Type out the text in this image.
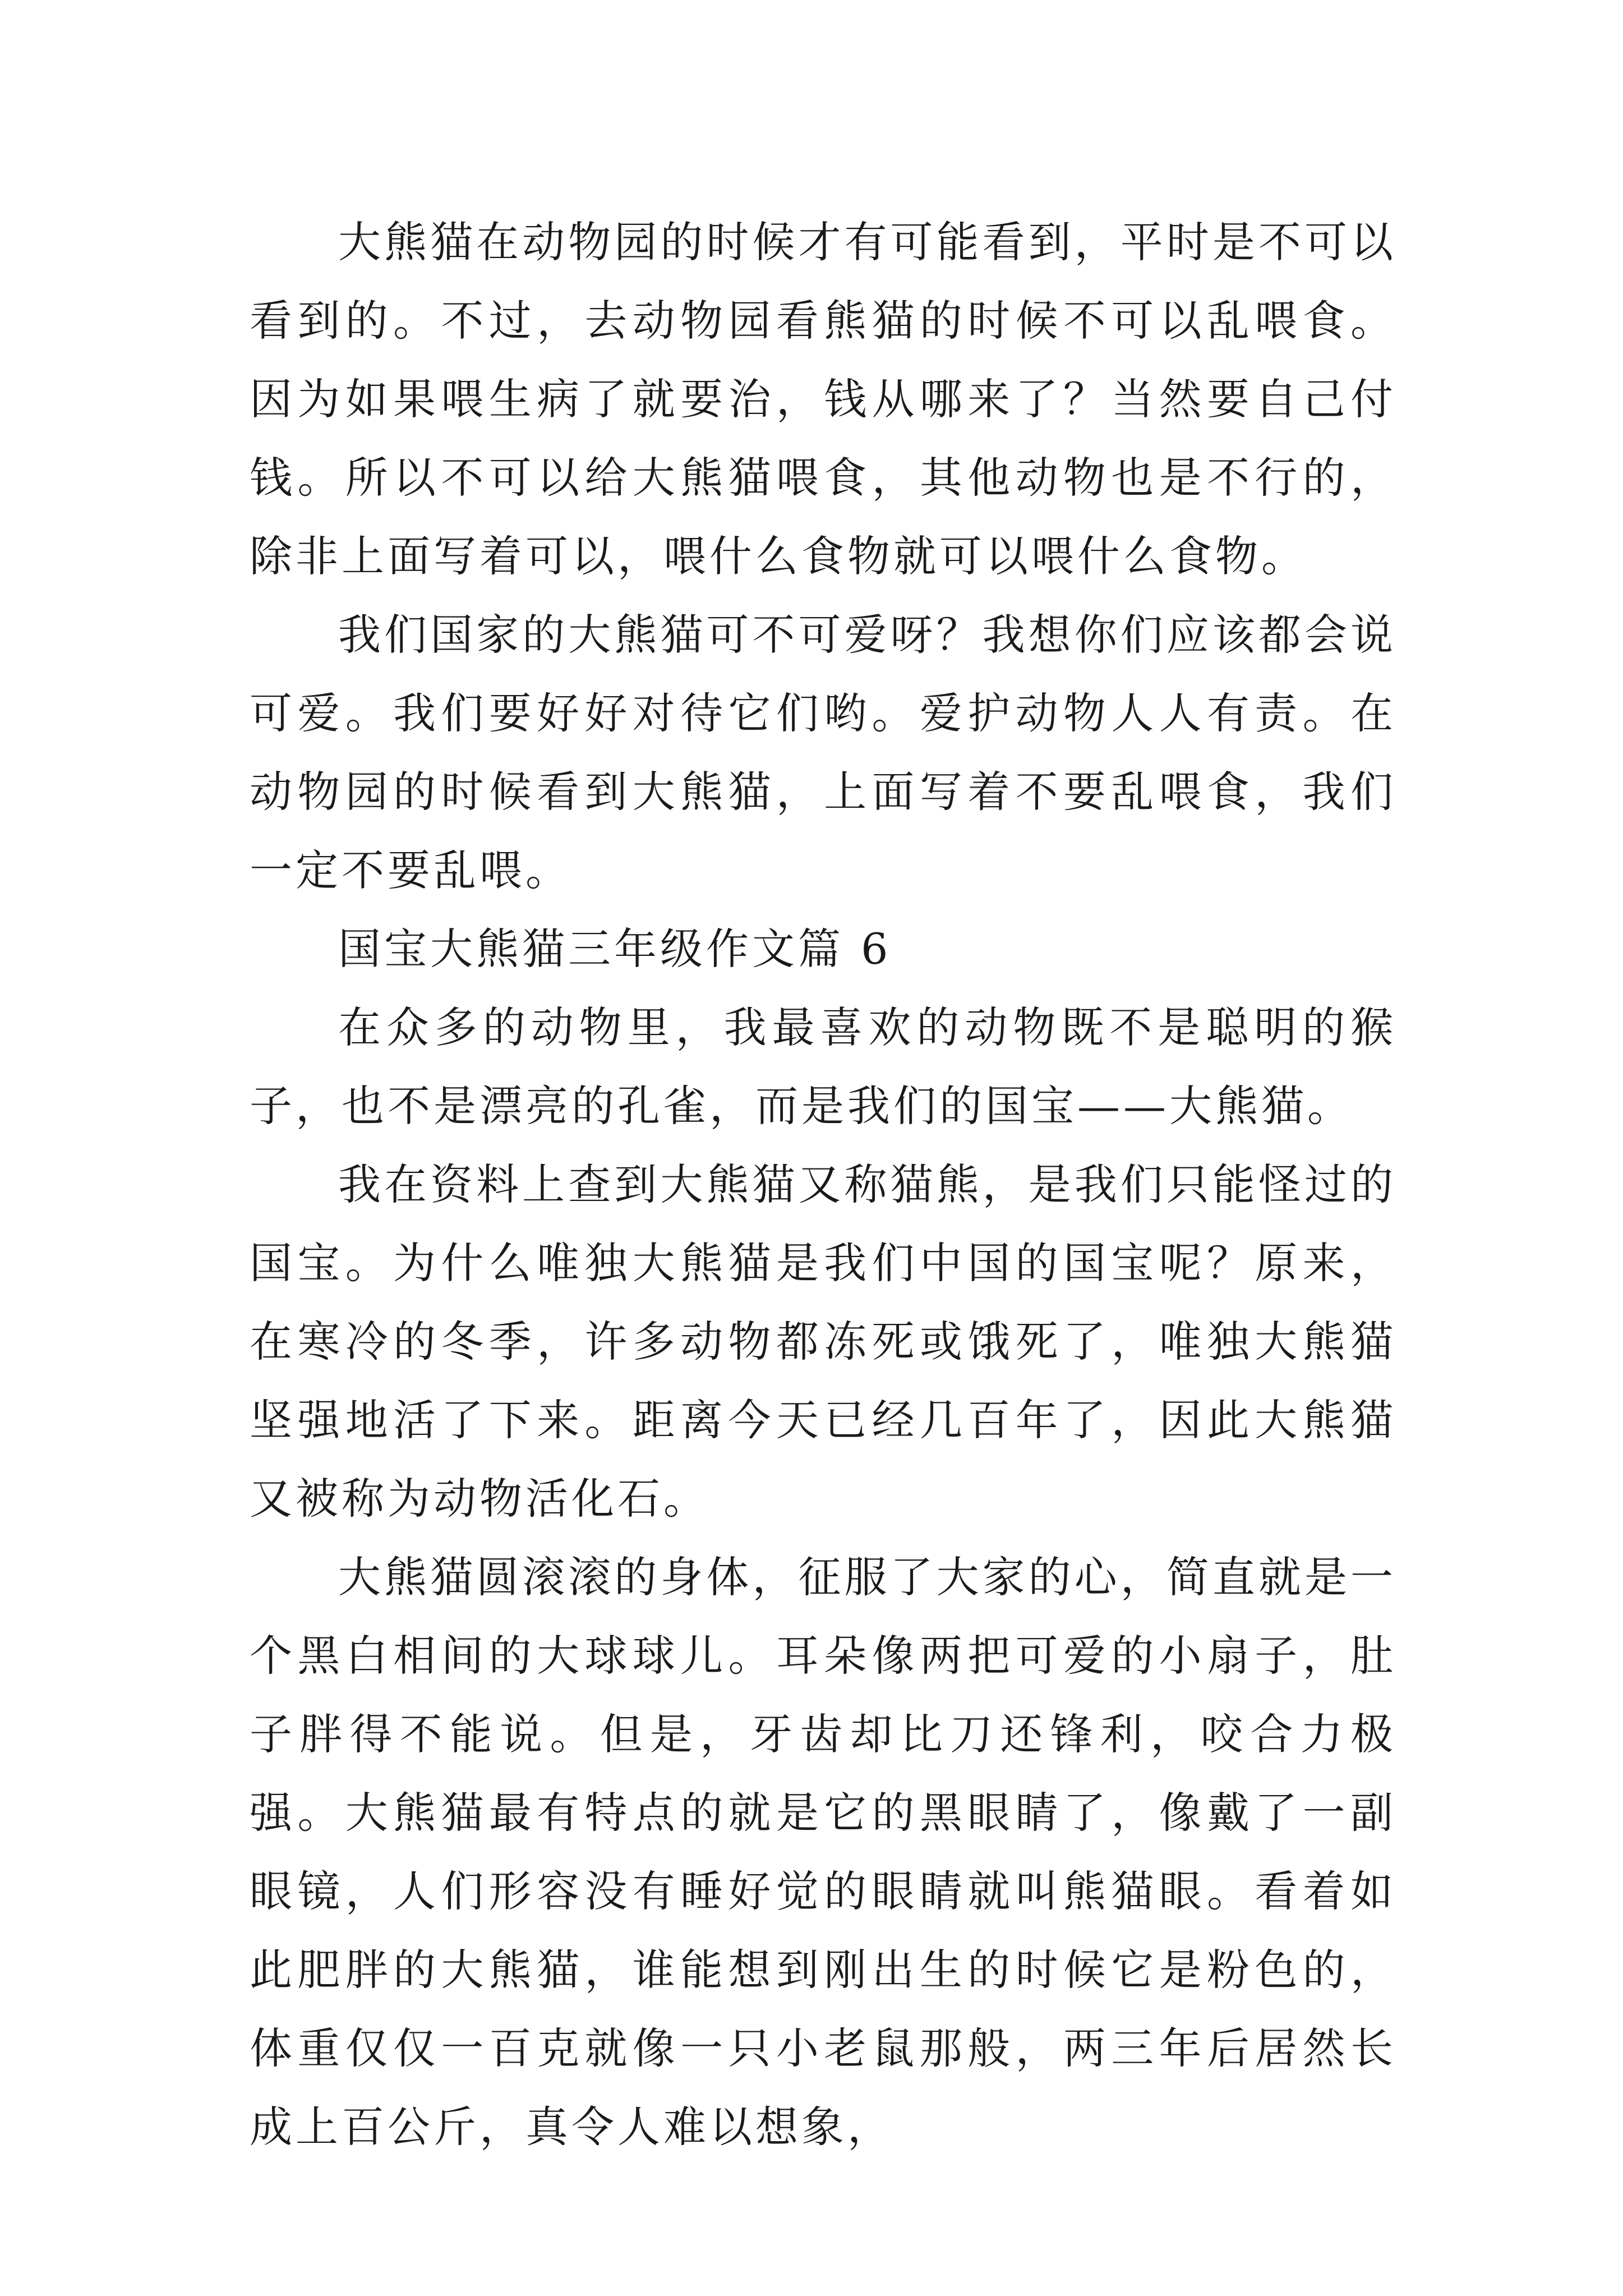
大熊猫在动物园的时候才有可能看到，平时是不可以看到的。不过，去动物园看熊猫的时候不可以乱喂食。因为如果喂生病了就要治，钱从哪来了？当然要自己付钱。所以不可以给大熊猫喂食，其他动物也是不行的，除非上面写着可以，喂什么食物就可以喂什么食物。

我们国家的大熊猫可不可爱呀？我想你们应该都会说可爱。我们要好好对待它们哟。爱护动物人人有责。在动物园的时候看到大熊猫，上面写着不要乱喂食，我们一定不要乱喂。

国宝大熊猫三年级作文篇 6

在众多的动物里，我最喜欢的动物既不是聪明的猴子，也不是漂亮的孔雀，而是我们的国宝——大熊猫。

我在资料上查到大熊猫又称猫熊，是我们只能怪过的国宝。为什么唯独大熊猫是我们中国的国宝呢？原来，在寒冷的冬季，许多动物都冻死或饿死了，唯独大熊猫坚强地活了下来。距离今天已经几百年了，因此大熊猫又被称为动物活化石。

大熊猫圆滚滚的身体，征服了大家的心，简直就是一个黑白相间的大球球儿。耳朵像两把可爱的小扇子，肚子胖得不能说。但是，牙齿却比刀还锋利，咬合力极强。大熊猫最有特点的就是它的黑眼睛了，像戴了一副眼镜，人们形容没有睡好觉的眼睛就叫熊猫眼。看着如此肥胖的大熊猫，谁能想到刚出生的时候它是粉色的，体重仅仅一百克就像一只小老鼠那般，两三年后居然长成上百公斤，真令人难以想象，
